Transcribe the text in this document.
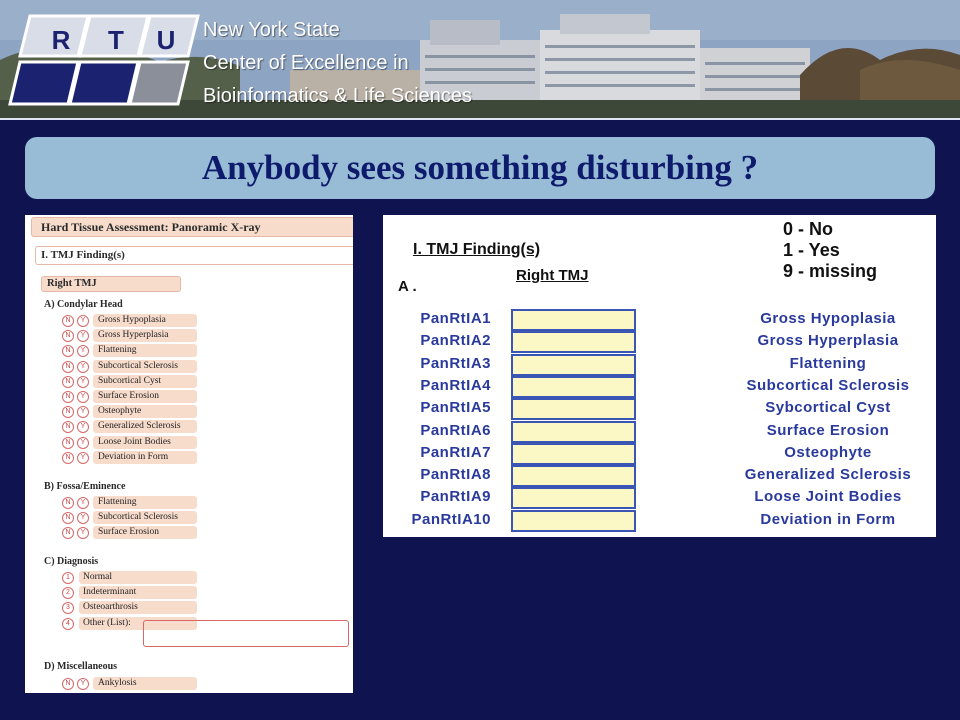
R	T	U	New York State
Center of Excellence in
Bioinformatics & Life Sciences
Anybody sees something disturbing ?
Hard Tissue Assessment: Panoramic X-ray
I. TMJ Finding(s)
Right TMJ
A) Condylar Head
N	Y	Gross Hypoplasia
N	Y	Gross Hyperplasia
N	Y	Flattening
N	Y	Subcortical Sclerosis
N	Y	Subcortical Cyst
N	Y	Surface Erosion
N	Y	Osteophyte
N	Y	Generalized Sclerosis
N	Y	Loose Joint Bodies
N	Y	Deviation in Form
B) Fossa/Eminence
N	Y	Flattening
N	Y	Subcortical Sclerosis
N	Y	Surface Erosion
C) Diagnosis
1	Normal
2	Indeterminant
3	Osteoarthrosis
4	Other (List):
D) Miscellaneous
N	Y	Ankylosis
I. TMJ Finding(s)
Right TMJ
A .
0 - No
1 - Yes
9 - missing
PanRtIA1	Gross Hypoplasia
PanRtIA2	Gross Hyperplasia
PanRtIA3	Flattening
PanRtIA4	Subcortical Sclerosis
PanRtIA5	Sybcortical Cyst
PanRtIA6	Surface Erosion
PanRtIA7	Osteophyte
PanRtIA8	Generalized Sclerosis
PanRtIA9	Loose Joint Bodies
PanRtIA10	Deviation in Form
